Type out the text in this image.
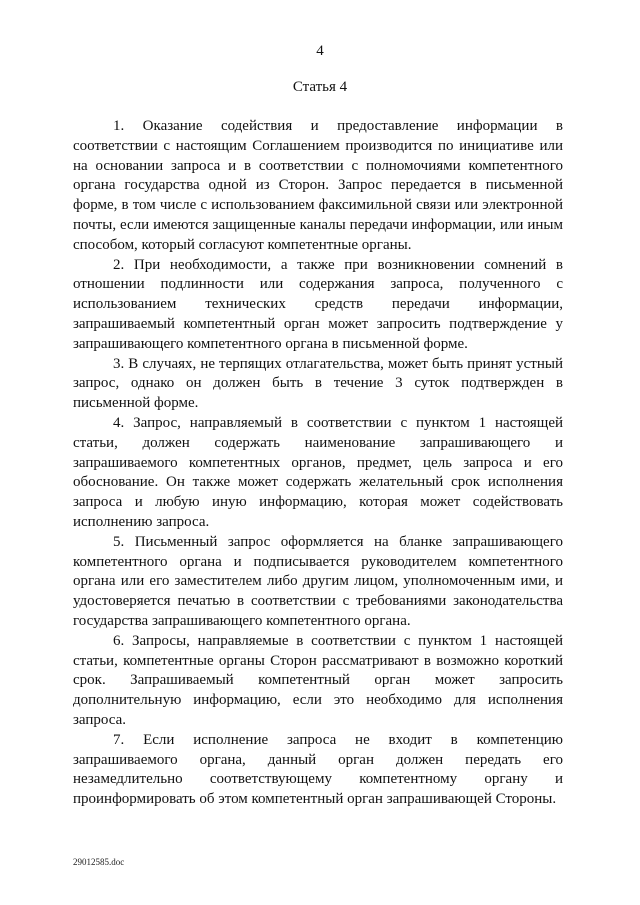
4
Статья 4

1. Оказание содействия и предоставление информации в соответствии с настоящим Соглашением производится по инициативе или на основании запроса и в соответствии с полномочиями компетентного органа государства одной из Сторон. Запрос передается в письменной форме, в том числе с использованием факсимильной связи или электронной почты, если имеются защищенные каналы передачи информации, или иным способом, который согласуют компетентные органы.

2. При необходимости, а также при возникновении сомнений в отношении подлинности или содержания запроса, полученного с использованием технических средств передачи информации, запрашиваемый компетентный орган может запросить подтверждение у запрашивающего компетентного органа в письменной форме.

3. В случаях, не терпящих отлагательства, может быть принят устный запрос, однако он должен быть в течение 3 суток подтвержден в письменной форме.

4. Запрос, направляемый в соответствии с пунктом 1 настоящей статьи, должен содержать наименование запрашивающего и запрашиваемого компетентных органов, предмет, цель запроса и его обоснование. Он также может содержать желательный срок исполнения запроса и любую иную информацию, которая может содействовать исполнению запроса.

5. Письменный запрос оформляется на бланке запрашивающего компетентного органа и подписывается руководителем компетентного органа или его заместителем либо другим лицом, уполномоченным ими, и удостоверяется печатью в соответствии с требованиями законодательства государства запрашивающего компетентного органа.

6. Запросы, направляемые в соответствии с пунктом 1 настоящей статьи, компетентные органы Сторон рассматривают в возможно короткий срок. Запрашиваемый компетентный орган может запросить дополнительную информацию, если это необходимо для исполнения запроса.

7. Если исполнение запроса не входит в компетенцию запрашиваемого органа, данный орган должен передать его незамедлительно соответствующему компетентному органу и проинформировать об этом компетентный орган запрашивающей Стороны.

29012585.doc
